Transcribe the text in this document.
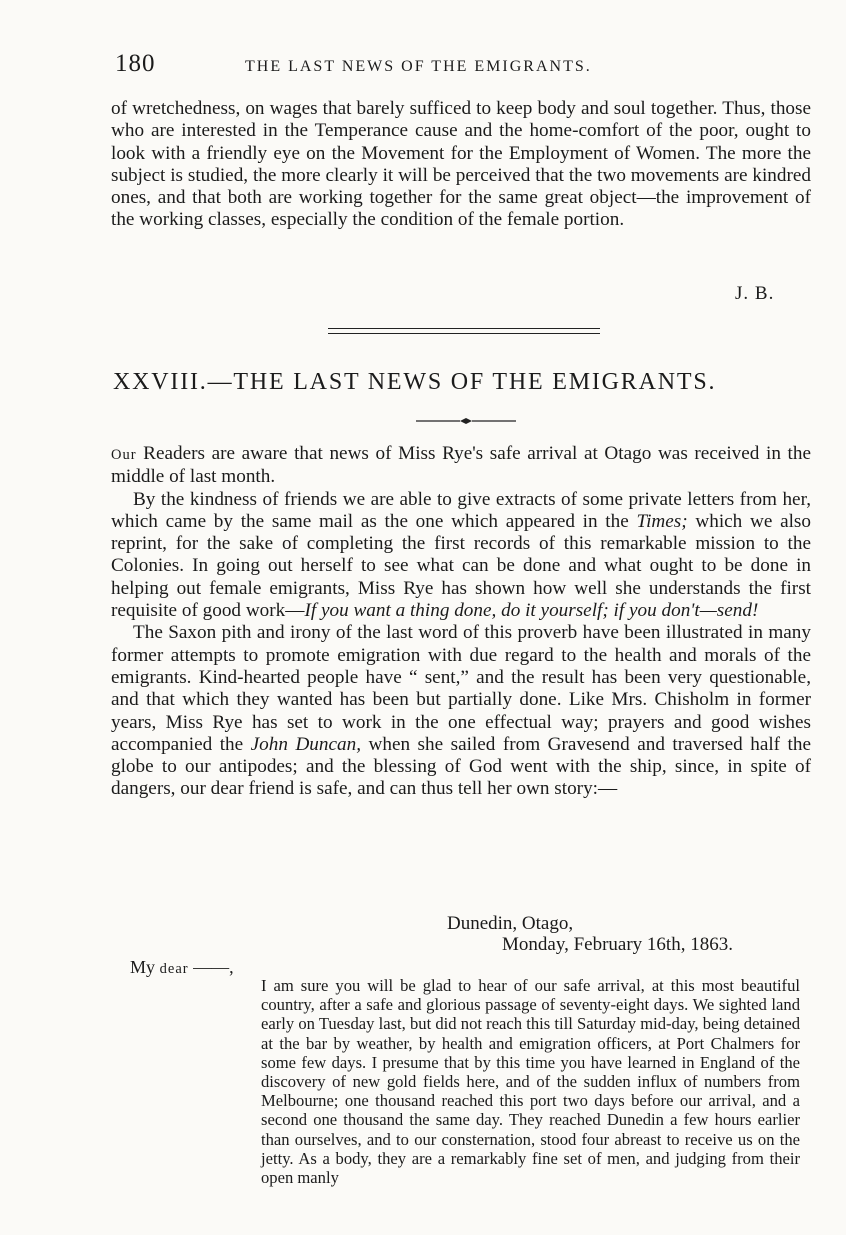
180	THE LAST NEWS OF THE EMIGRANTS.

of wretchedness, on wages that barely sufficed to keep body and soul together. Thus, those who are interested in the Temperance cause and the home-comfort of the poor, ought to look with a friendly eye on the Movement for the Employment of Women. The more the subject is studied, the more clearly it will be perceived that the two movements are kindred ones, and that both are working together for the same great object—the improvement of the working classes, especially the condition of the female portion.

J. B.
XXVIII.—THE LAST NEWS OF THE EMIGRANTS.

Our Readers are aware that news of Miss Rye's safe arrival at Otago was received in the middle of last month.

By the kindness of friends we are able to give extracts of some private letters from her, which came by the same mail as the one which appeared in the Times; which we also reprint, for the sake of completing the first records of this remarkable mission to the Colonies. In going out herself to see what can be done and what ought to be done in helping out female emigrants, Miss Rye has shown how well she understands the first requisite of good work—If you want a thing done, do it yourself; if you don't—send!

The Saxon pith and irony of the last word of this proverb have been illustrated in many former attempts to promote emigration with due regard to the health and morals of the emigrants. Kind-hearted people have “ sent,” and the result has been very questionable, and that which they wanted has been but partially done. Like Mrs. Chisholm in former years, Miss Rye has set to work in the one effectual way; prayers and good wishes accompanied the John Duncan, when she sailed from Gravesend and traversed half the globe to our antipodes; and the blessing of God went with the ship, since, in spite of dangers, our dear friend is safe, and can thus tell her own story:—

Dunedin, Otago,
Monday, February 16th, 1863.
My dear ——,

I am sure you will be glad to hear of our safe arrival, at this most beautiful country, after a safe and glorious passage of seventy-eight days. We sighted land early on Tuesday last, but did not reach this till Saturday mid-day, being detained at the bar by weather, by health and emigration officers, at Port Chalmers for some few days. I presume that by this time you have learned in England of the discovery of new gold fields here, and of the sudden influx of numbers from Melbourne; one thousand reached this port two days before our arrival, and a second one thousand the same day. They reached Dunedin a few hours earlier than ourselves, and to our consternation, stood four abreast to receive us on the jetty. As a body, they are a remarkably fine set of men, and judging from their open manly
